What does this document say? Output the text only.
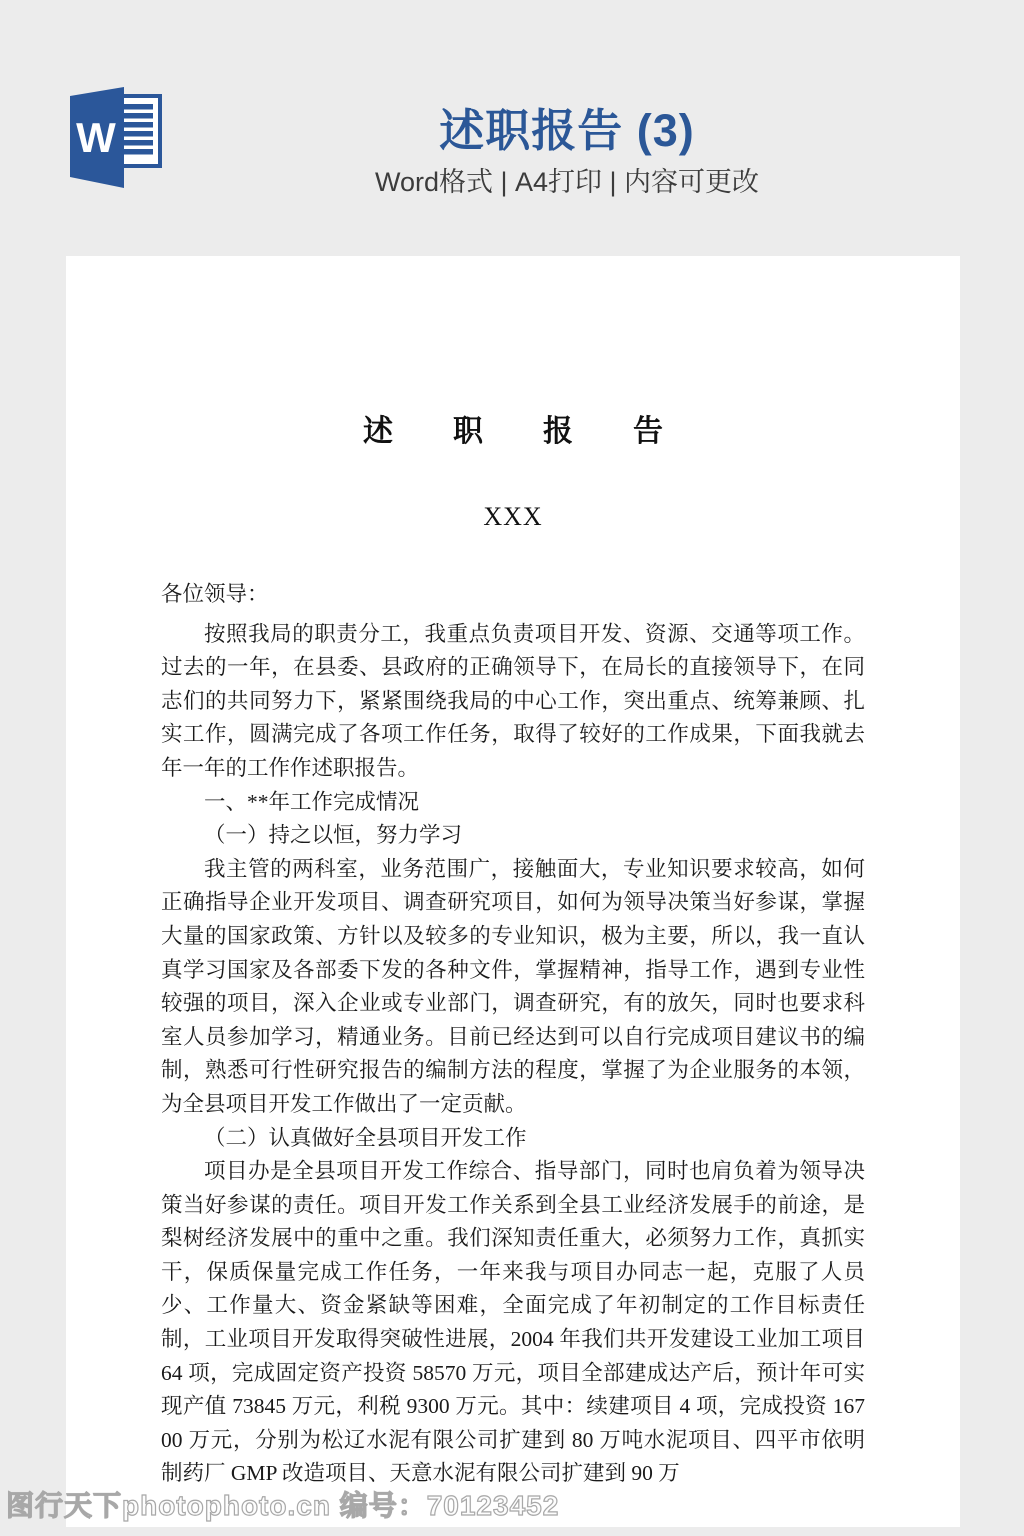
W	述职报告 (3)
Word格式 | A4打印 | 内容可更改
述职报告
XXX

各位领导：

按照我局的职责分工，我重点负责项目开发、资源、交通等项工作。过去的一年，在县委、县政府的正确领导下，在局长的直接领导下，在同志们的共同努力下，紧紧围绕我局的中心工作，突出重点、统筹兼顾、扎实工作，圆满完成了各项工作任务，取得了较好的工作成果，下面我就去年一年的工作作述职报告。

一、**年工作完成情况

（一）持之以恒，努力学习

我主管的两科室，业务范围广，接触面大，专业知识要求较高，如何正确指导企业开发项目、调查研究项目，如何为领导决策当好参谋，掌握大量的国家政策、方针以及较多的专业知识，极为主要，所以，我一直认真学习国家及各部委下发的各种文件，掌握精神，指导工作，遇到专业性较强的项目，深入企业或专业部门，调查研究，有的放矢，同时也要求科室人员参加学习，精通业务。目前已经达到可以自行完成项目建议书的编制，熟悉可行性研究报告的编制方法的程度，掌握了为企业服务的本领，为全县项目开发工作做出了一定贡献。

（二）认真做好全县项目开发工作

项目办是全县项目开发工作综合、指导部门，同时也肩负着为领导决策当好参谋的责任。项目开发工作关系到全县工业经济发展手的前途，是梨树经济发展中的重中之重。我们深知责任重大，必须努力工作，真抓实干，保质保量完成工作任务，一年来我与项目办同志一起，克服了人员少、工作量大、资金紧缺等困难，全面完成了年初制定的工作目标责任制，工业项目开发取得突破性进展，2004 年我们共开发建设工业加工项目 64 项，完成固定资产投资 58570 万元，项目全部建成达产后，预计年可实现产值 73845 万元，利税 9300 万元。其中：续建项目 4 项，完成投资 16700 万元，分别为松辽水泥有限公司扩建到 80 万吨水泥项目、四平市依明制药厂 GMP 改造项目、天意水泥有限公司扩建到 90 万

图行天下photophoto.cn 编号：70123452
